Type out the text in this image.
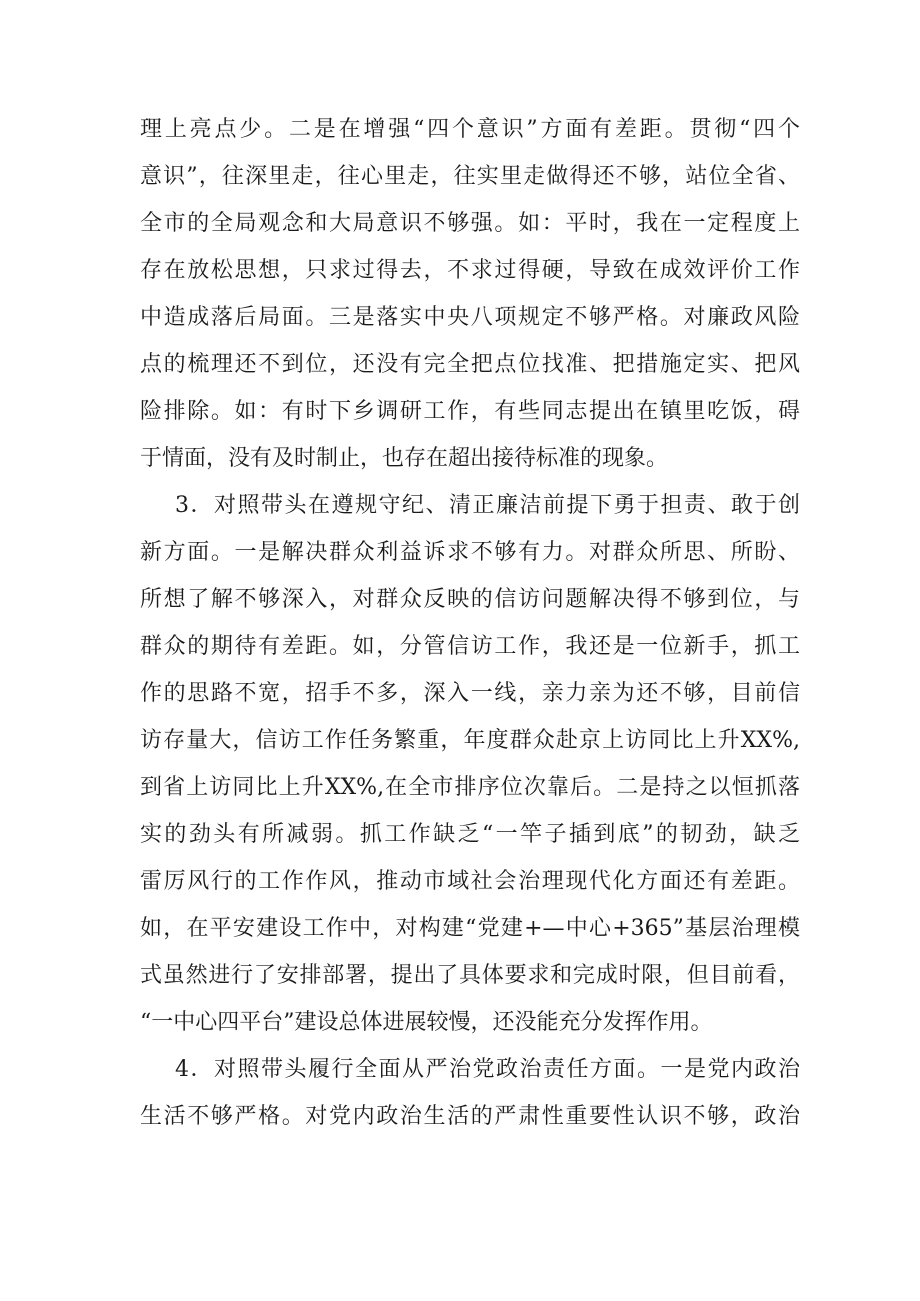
理上亮点少。二是在增强“四个意识”方面有差距。贯彻“四个
意识”，往深里走，往心里走，往实里走做得还不够，站位全省、
全市的全局观念和大局意识不够强。如：平时，我在一定程度上
存在放松思想，只求过得去，不求过得硬，导致在成效评价工作
中造成落后局面。三是落实中央八项规定不够严格。对廉政风险
点的梳理还不到位，还没有完全把点位找准、把措施定实、把风
险排除。如：有时下乡调研工作，有些同志提出在镇里吃饭，碍
于情面，没有及时制止，也存在超出接待标准的现象。
3．对照带头在遵规守纪、清正廉洁前提下勇于担责、敢于创
新方面。一是解决群众利益诉求不够有力。对群众所思、所盼、
所想了解不够深入，对群众反映的信访问题解决得不够到位，与
群众的期待有差距。如，分管信访工作，我还是一位新手，抓工
作的思路不宽，招手不多，深入一线，亲力亲为还不够，目前信
访存量大，信访工作任务繁重，年度群众赴京上访同比上升XX%,
到省上访同比上升XX%,在全市排序位次靠后。二是持之以恒抓落
实的劲头有所减弱。抓工作缺乏“一竿子插到底”的韧劲，缺乏
雷厉风行的工作作风，推动市域社会治理现代化方面还有差距。
如，在平安建设工作中，对构建“党建+—中心+365”基层治理模
式虽然进行了安排部署，提出了具体要求和完成时限，但目前看，
“一中心四平台”建设总体进展较慢，还没能充分发挥作用。
4．对照带头履行全面从严治党政治责任方面。一是党内政治
生活不够严格。对党内政治生活的严肃性重要性认识不够，政治
